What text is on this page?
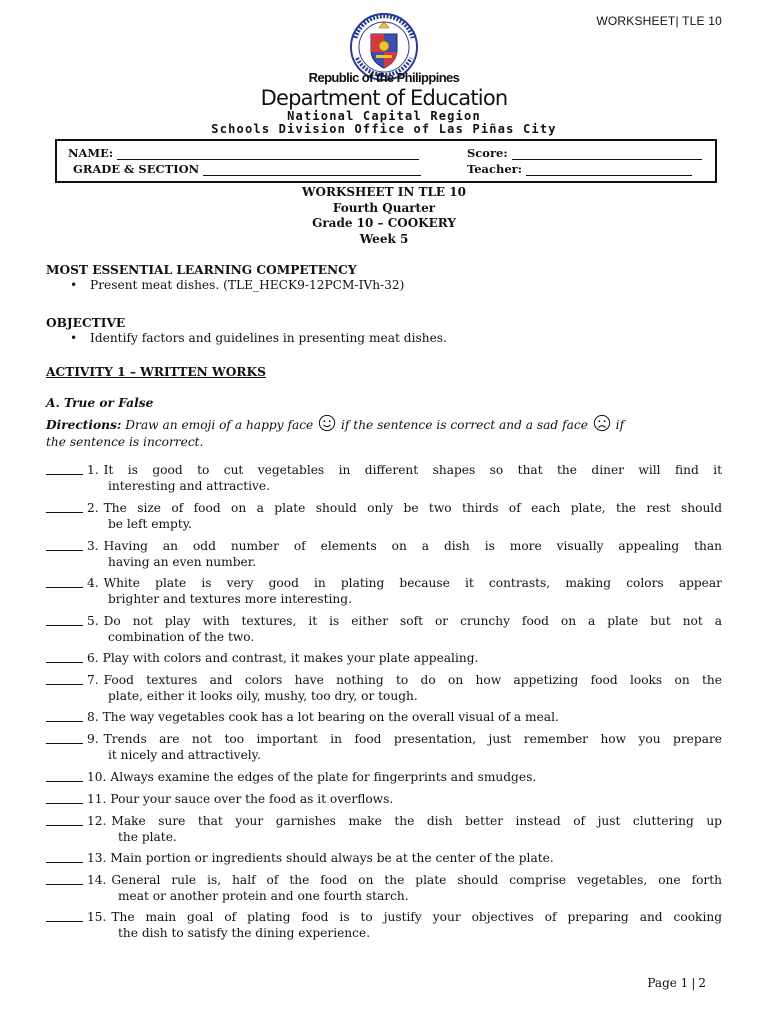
WORKSHEET| TLE 10
Republic of the Philippines
Department of Education
National Capital Region
Schools Division Office of Las Piñas City
NAME:
GRADE & SECTION
Score:
Teacher:
WORKSHEET IN TLE 10
Fourth Quarter
Grade 10 – COOKERY
Week 5
MOST ESSENTIAL LEARNING COMPETENCY
•	Present meat dishes. (TLE_HECK9-12PCM-IVh-32)
OBJECTIVE
•	Identify factors and guidelines in presenting meat dishes.
ACTIVITY 1 – WRITTEN WORKS
A. True or False
Directions: Draw an emoji of a happy face if the sentence is correct and a sad face if
the sentence is incorrect.
1. It is good to cut vegetables in different shapes so that the diner will find it
interesting and attractive.
2. The size of food on a plate should only be two thirds of each plate, the rest should
be left empty.
3. Having an odd number of elements on a dish is more visually appealing than
having an even number.
4. White plate is very good in plating because it contrasts, making colors appear
brighter and textures more interesting.
5. Do not play with textures, it is either soft or crunchy food on a plate but not a
combination of the two.
6. Play with colors and contrast, it makes your plate appealing.
7. Food textures and colors have nothing to do on how appetizing food looks on the
plate, either it looks oily, mushy, too dry, or tough.
8. The way vegetables cook has a lot bearing on the overall visual of a meal.
9. Trends are not too important in food presentation, just remember how you prepare
it nicely and attractively.
10. Always examine the edges of the plate for fingerprints and smudges.
11. Pour your sauce over the food as it overflows.
12. Make sure that your garnishes make the dish better instead of just cluttering up
the plate.
13. Main portion or ingredients should always be at the center of the plate.
14. General rule is, half of the food on the plate should comprise vegetables, one forth
meat or another protein and one fourth starch.
15. The main goal of plating food is to justify your objectives of preparing and cooking
the dish to satisfy the dining experience.
Page 1 | 2
